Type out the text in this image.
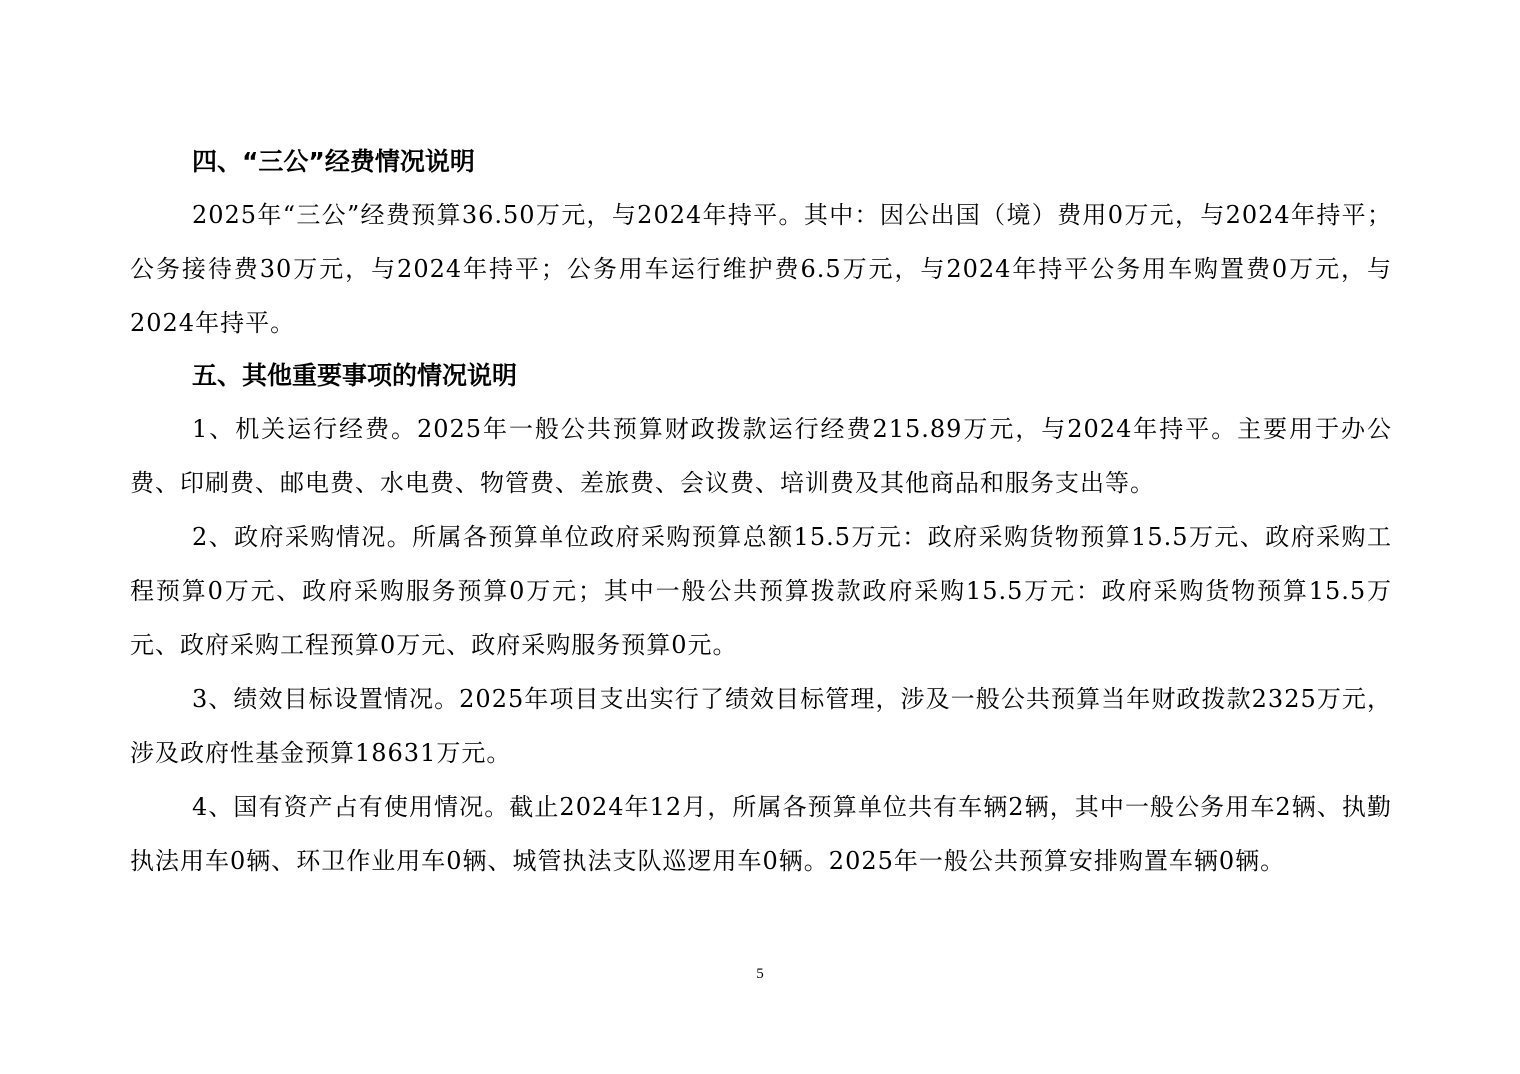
四、“三公”经费情况说明

2025年“三公”经费预算36.50万元，与2024年持平。其中：因公出国（境）费用0万元，与2024年持平；公务接待费30万元，与2024年持平；公务用车运行维护费6.5万元，与2024年持平公务用车购置费0万元，与2024年持平。

五、其他重要事项的情况说明

1、机关运行经费。2025年一般公共预算财政拨款运行经费215.89万元，与2024年持平。主要用于办公费、印刷费、邮电费、水电费、物管费、差旅费、会议费、培训费及其他商品和服务支出等。

2、政府采购情况。所属各预算单位政府采购预算总额15.5万元：政府采购货物预算15.5万元、政府采购工程预算0万元、政府采购服务预算0万元；其中一般公共预算拨款政府采购15.5万元：政府采购货物预算15.5万元、政府采购工程预算0万元、政府采购服务预算0元。

3、绩效目标设置情况。2025年项目支出实行了绩效目标管理，涉及一般公共预算当年财政拨款2325万元，涉及政府性基金预算18631万元。

4、国有资产占有使用情况。截止2024年12月，所属各预算单位共有车辆2辆，其中一般公务用车2辆、执勤执法用车0辆、环卫作业用车0辆、城管执法支队巡逻用车0辆。2025年一般公共预算安排购置车辆0辆。

5
